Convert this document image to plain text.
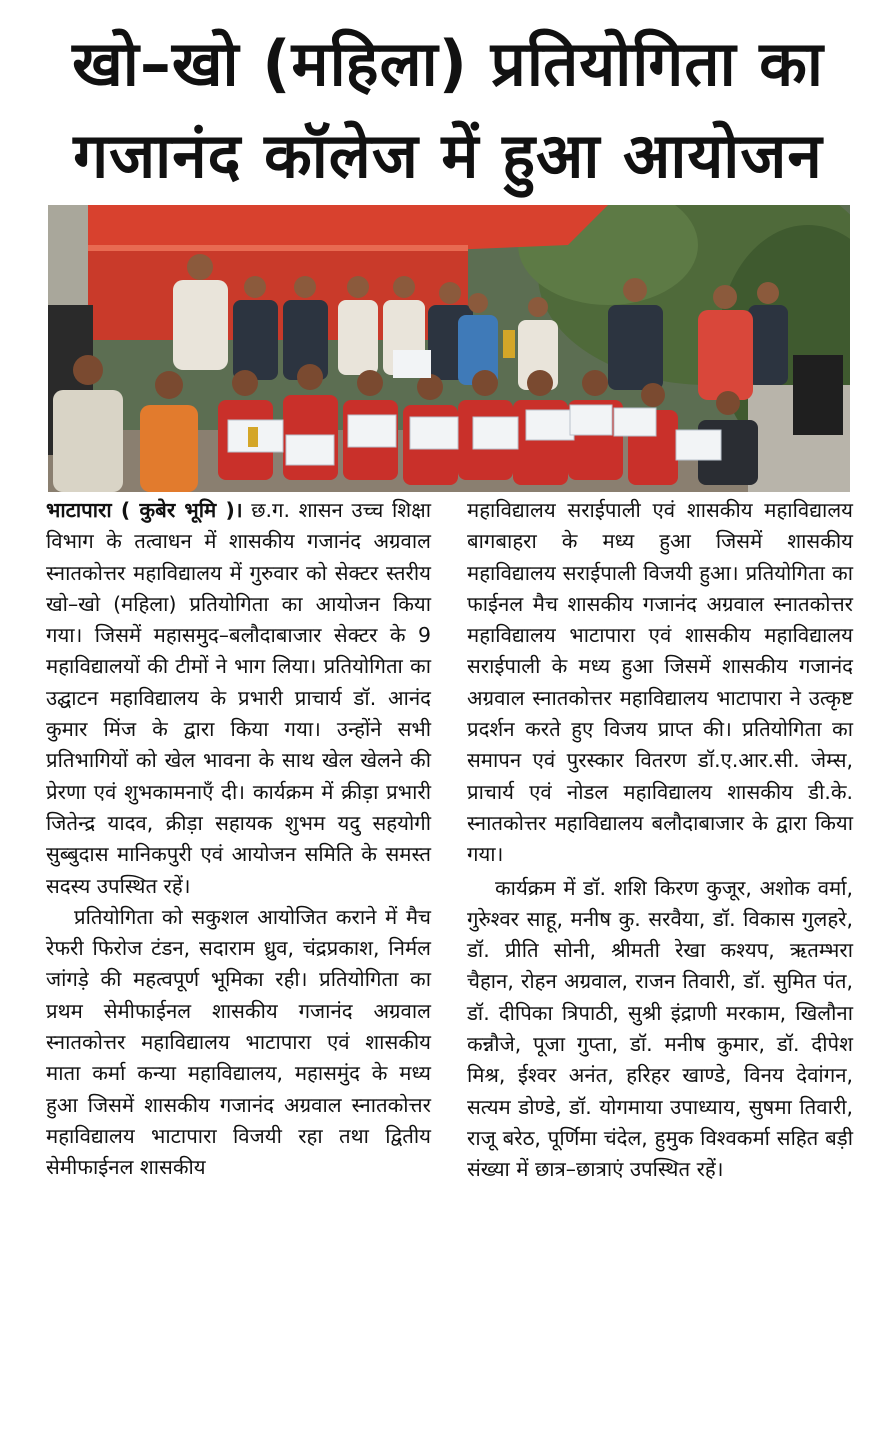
खो–खो (महिला) प्रतियोगिता का
गजानंद कॉलेज में हुआ आयोजन

भाटापारा ( कुबेर भूमि )। छ.ग. शासन उच्च शिक्षा विभाग के तत्वाधन में शासकीय गजानंद अग्रवाल स्नातकोत्तर महाविद्यालय में गुरुवार को सेक्टर स्तरीय खो–खो (महिला) प्रतियोगिता का आयोजन किया गया। जिसमें महासमुद–बलौदाबाजार सेक्टर के 9 महाविद्यालयों की टीमों ने भाग लिया। प्रतियोगिता का उद्घाटन महाविद्यालय के प्रभारी प्राचार्य डॉ. आनंद कुमार मिंज के द्वारा किया गया। उन्होंने सभी प्रतिभागियों को खेल भावना के साथ खेल खेलने की प्रेरणा एवं शुभकामनाएँ दी। कार्यक्रम में क्रीड़ा प्रभारी जितेन्द्र यादव, क्रीड़ा सहायक शुभम यदु सहयोगी सुब्बुदास मानिकपुरी एवं आयोजन समिति के समस्त सदस्य उपस्थित रहें।

प्रतियोगिता को सकुशल आयोजित कराने में मैच रेफरी फिरोज टंडन, सदाराम ध्रुव, चंद्रप्रकाश, निर्मल जांगड़े की महत्वपूर्ण भूमिका रही। प्रतियोगिता का प्रथम सेमीफाईनल शासकीय गजानंद अग्रवाल स्नातकोत्तर महाविद्यालय भाटापारा एवं शासकीय माता कर्मा कन्या महाविद्यालय, महासमुंद के मध्य हुआ जिसमें शासकीय गजानंद अग्रवाल स्नातकोत्तर महाविद्यालय भाटापारा विजयी रहा तथा द्वितीय सेमीफाईनल शासकीय

महाविद्यालय सराईपाली एवं शासकीय महाविद्यालय बागबाहरा के मध्य हुआ जिसमें शासकीय महाविद्यालय सराईपाली विजयी हुआ। प्रतियोगिता का फाईनल मैच शासकीय गजानंद अग्रवाल स्नातकोत्तर महाविद्यालय भाटापारा एवं शासकीय महाविद्यालय सराईपाली के मध्य हुआ जिसमें शासकीय गजानंद अग्रवाल स्नातकोत्तर महाविद्यालय भाटापारा ने उत्कृष्ट प्रदर्शन करते हुए विजय प्राप्त की। प्रतियोगिता का समापन एवं पुरस्कार वितरण डॉ.ए.आर.सी. जेम्स, प्राचार्य एवं नोडल महाविद्यालय शासकीय डी.के. स्नातकोत्तर महाविद्यालय बलौदाबाजार के द्वारा किया गया।

कार्यक्रम में डॉ. शशि किरण कुजूर, अशोक वर्मा, गुरुेश्वर साहू, मनीष कु. सरवैया, डॉ. विकास गुलहरे, डॉ. प्रीति सोनी, श्रीमती रेखा कश्यप, ऋतम्भरा चैहान, रोहन अग्रवाल, राजन तिवारी, डॉ. सुमित पंत, डॉ. दीपिका त्रिपाठी, सुश्री इंद्राणी मरकाम, खिलौना कन्नौजे, पूजा गुप्ता, डॉ. मनीष कुमार, डॉ. दीपेश मिश्र, ईश्वर अनंत, हरिहर खाण्डे, विनय देवांगन, सत्यम डोण्डे, डॉ. योगमाया उपाध्याय, सुषमा तिवारी, राजू बरेठ, पूर्णिमा चंदेल, हुमुक विश्वकर्मा सहित बड़ी संख्या में छात्र–छात्राएं उपस्थित रहें।
